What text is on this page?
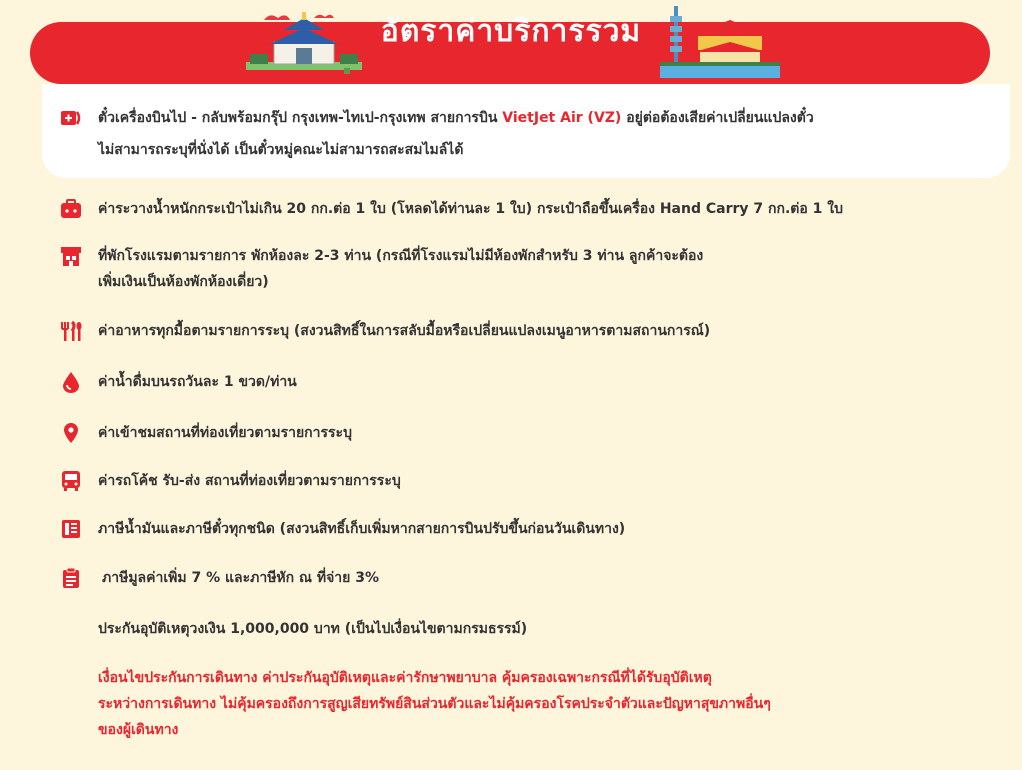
อัตราค่าบริการรวม
ตั๋วเครื่องบินไป - กลับพร้อมกรุ๊ป กรุงเทพ-ไทเป-กรุงเทพ สายการบิน VietJet Air (VZ) อยู่ต่อต้องเสียค่าเปลี่ยนแปลงตั๋ว
ไม่สามารถระบุที่นั่งได้ เป็นตั๋วหมู่คณะไม่สามารถสะสมไมล์ได้
ค่าระวางน้ำหนักกระเป๋าไม่เกิน 20 กก.ต่อ 1 ใบ (โหลดได้ท่านละ 1 ใบ) กระเป๋าถือขึ้นเครื่อง Hand Carry 7 กก.ต่อ 1 ใบ
ที่พักโรงแรมตามรายการ พักห้องละ 2-3 ท่าน (กรณีที่โรงแรมไม่มีห้องพักสำหรับ 3 ท่าน ลูกค้าจะต้อง
เพิ่มเงินเป็นห้องพักห้องเดี่ยว)
ค่าอาหารทุกมื้อตามรายการระบุ (สงวนสิทธิ์ในการสลับมื้อหรือเปลี่ยนแปลงเมนูอาหารตามสถานการณ์)
ค่าน้ำดื่มบนรถวันละ 1 ขวด/ท่าน
ค่าเข้าชมสถานที่ท่องเที่ยวตามรายการระบุ
ค่ารถโค้ช รับ-ส่ง สถานที่ท่องเที่ยวตามรายการระบุ
ภาษีน้ำมันและภาษีตั๋วทุกชนิด (สงวนสิทธิ์เก็บเพิ่มหากสายการบินปรับขึ้นก่อนวันเดินทาง)
ภาษีมูลค่าเพิ่ม 7 % และภาษีหัก ณ ที่จ่าย 3%
ประกันอุบัติเหตุวงเงิน 1,000,000 บาท (เป็นไปเงื่อนไขตามกรมธรรม์)
เงื่อนไขประกันการเดินทาง ค่าประกันอุบัติเหตุและค่ารักษาพยาบาล คุ้มครองเฉพาะกรณีที่ได้รับอุบัติเหตุ
ระหว่างการเดินทาง ไม่คุ้มครองถึงการสูญเสียทรัพย์สินส่วนตัวและไม่คุ้มครองโรคประจำตัวและปัญหาสุขภาพอื่นๆ
ของผู้เดินทาง
